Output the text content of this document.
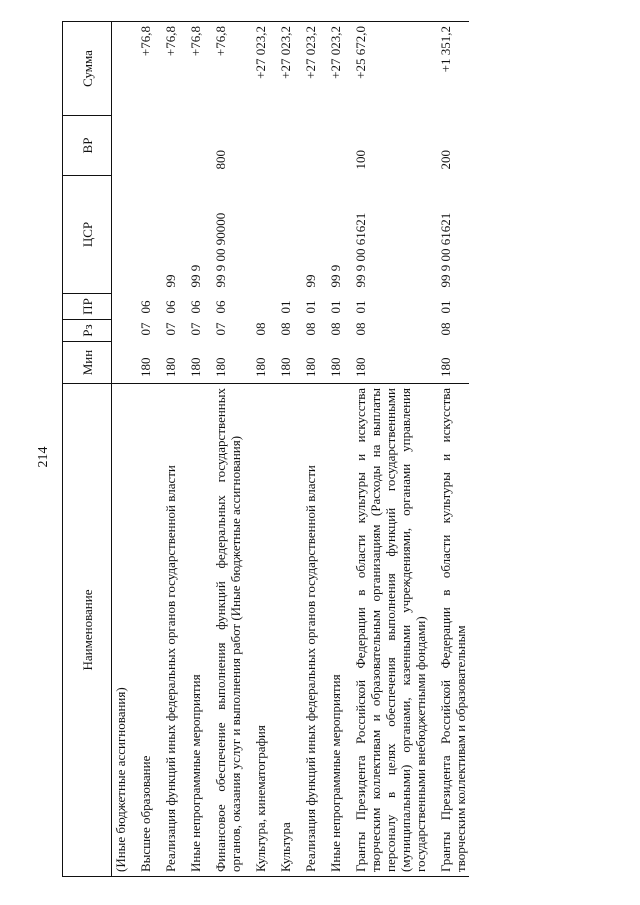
214
Наименование	Мин	Рз	ПР	ЦСР	ВР	Сумма
(Иные бюджетные ассигнования)						

Высшее образование	180	07	06			+76,8

Реализация функций иных федеральных органов государственной власти	180	07	06	99		+76,8

Иные непрограммные мероприятия	180	07	06	99 9		+76,8

Финансовое обеспечение выполнения функций федеральных государственных органов, оказания услуг и выполнения работ (Иные бюджетные ассигнования)	180	07	06	99 9 00 90000	800	+76,8

Культура, кинематография	180	08				+27 023,2

Культура	180	08	01			+27 023,2

Реализация функций иных федеральных органов государственной власти	180	08	01	99		+27 023,2

Иные непрограммные мероприятия	180	08	01	99 9		+27 023,2

Гранты Президента Российской Федерации в области культуры и искусства творческим коллективам и образовательным организациям (Расходы на выплаты персоналу в целях обеспечения выполнения функций государственными (муниципальными) органами, казенными учреждениями, органами управления государственными внебюджетными фондами)	180	08	01	99 9 00 61621	100	+25 672,0

Гранты Президента Российской Федерации в области культуры и искусства творческим коллективам и образовательным	180	08	01	99 9 00 61621	200	+1 351,2
